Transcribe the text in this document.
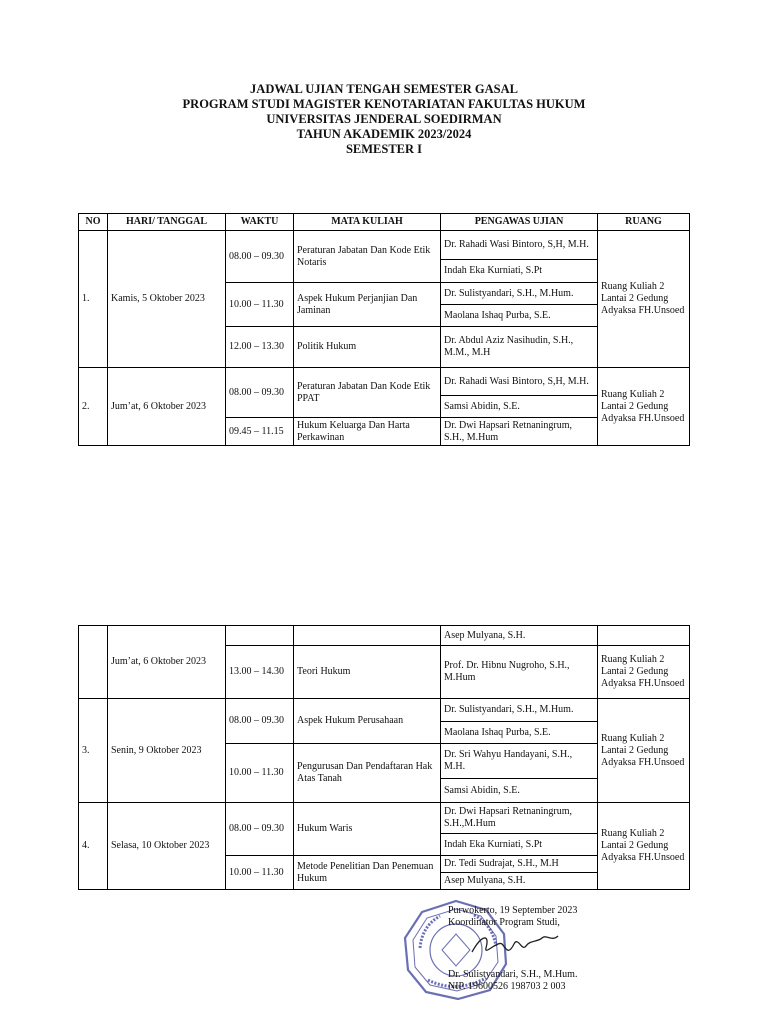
JADWAL UJIAN TENGAH SEMESTER GASAL
PROGRAM STUDI MAGISTER KENOTARIATAN FAKULTAS HUKUM
UNIVERSITAS JENDERAL SOEDIRMAN
TAHUN AKADEMIK 2023/2024
SEMESTER I
NO	HARI/ TANGGAL	WAKTU	MATA KULIAH	PENGAWAS UJIAN	RUANG
1.	Kamis, 5 Oktober 2023	08.00 – 09.30	Peraturan Jabatan Dan Kode Etik Notaris	Dr. Rahadi Wasi Bintoro, S,H, M.H.	Ruang Kuliah 2 Lantai 2 Gedung Adyaksa FH.Unsoed
				Indah Eka Kurniati, S.Pt	
		10.00 – 11.30	Aspek Hukum Perjanjian Dan Jaminan	Dr. Sulistyandari, S.H., M.Hum.	
				Maolana Ishaq Purba, S.E.	
		12.00 – 13.30	Politik Hukum	Dr. Abdul Aziz Nasihudin, S.H., M.M., M.H	
2.	Jum’at, 6 Oktober 2023	08.00 – 09.30	Peraturan Jabatan Dan Kode Etik PPAT	Dr. Rahadi Wasi Bintoro, S,H, M.H.	Ruang Kuliah 2 Lantai 2 Gedung Adyaksa FH.Unsoed
				Samsi Abidin, S.E.	
		09.45 – 11.15	Hukum Keluarga Dan Harta Perkawinan	Dr. Dwi Hapsari Retnaningrum, S.H., M.Hum	
	Jum’at, 6 Oktober 2023			Asep Mulyana, S.H.	
		13.00 – 14.30	Teori Hukum	Prof. Dr. Hibnu Nugroho, S.H., M.Hum	Ruang Kuliah 2 Lantai 2 Gedung Adyaksa FH.Unsoed
3.	Senin, 9 Oktober 2023	08.00 – 09.30	Aspek Hukum Perusahaan	Dr. Sulistyandari, S.H., M.Hum.	Ruang Kuliah 2 Lantai 2 Gedung Adyaksa FH.Unsoed
				Maolana Ishaq Purba, S.E.	
		10.00 – 11.30	Pengurusan Dan Pendaftaran Hak Atas Tanah	Dr. Sri Wahyu Handayani, S.H., M.H.	
				Samsi Abidin, S.E.	
4.	Selasa, 10 Oktober 2023	08.00 – 09.30	Hukum Waris	Dr. Dwi Hapsari Retnaningrum, S.H.,M.Hum	Ruang Kuliah 2 Lantai 2 Gedung Adyaksa FH.Unsoed
				Indah Eka Kurniati, S.Pt	
		10.00 – 11.30	Metode Penelitian Dan Penemuan Hukum	Dr. Tedi Sudrajat, S.H., M.H	
				Asep Mulyana, S.H.	
Purwokerto, 19 September 2023
Koordinator Program Studi,
Dr. Sulistyandari, S.H., M.Hum.
NIP. 19600526 198703 2 003
